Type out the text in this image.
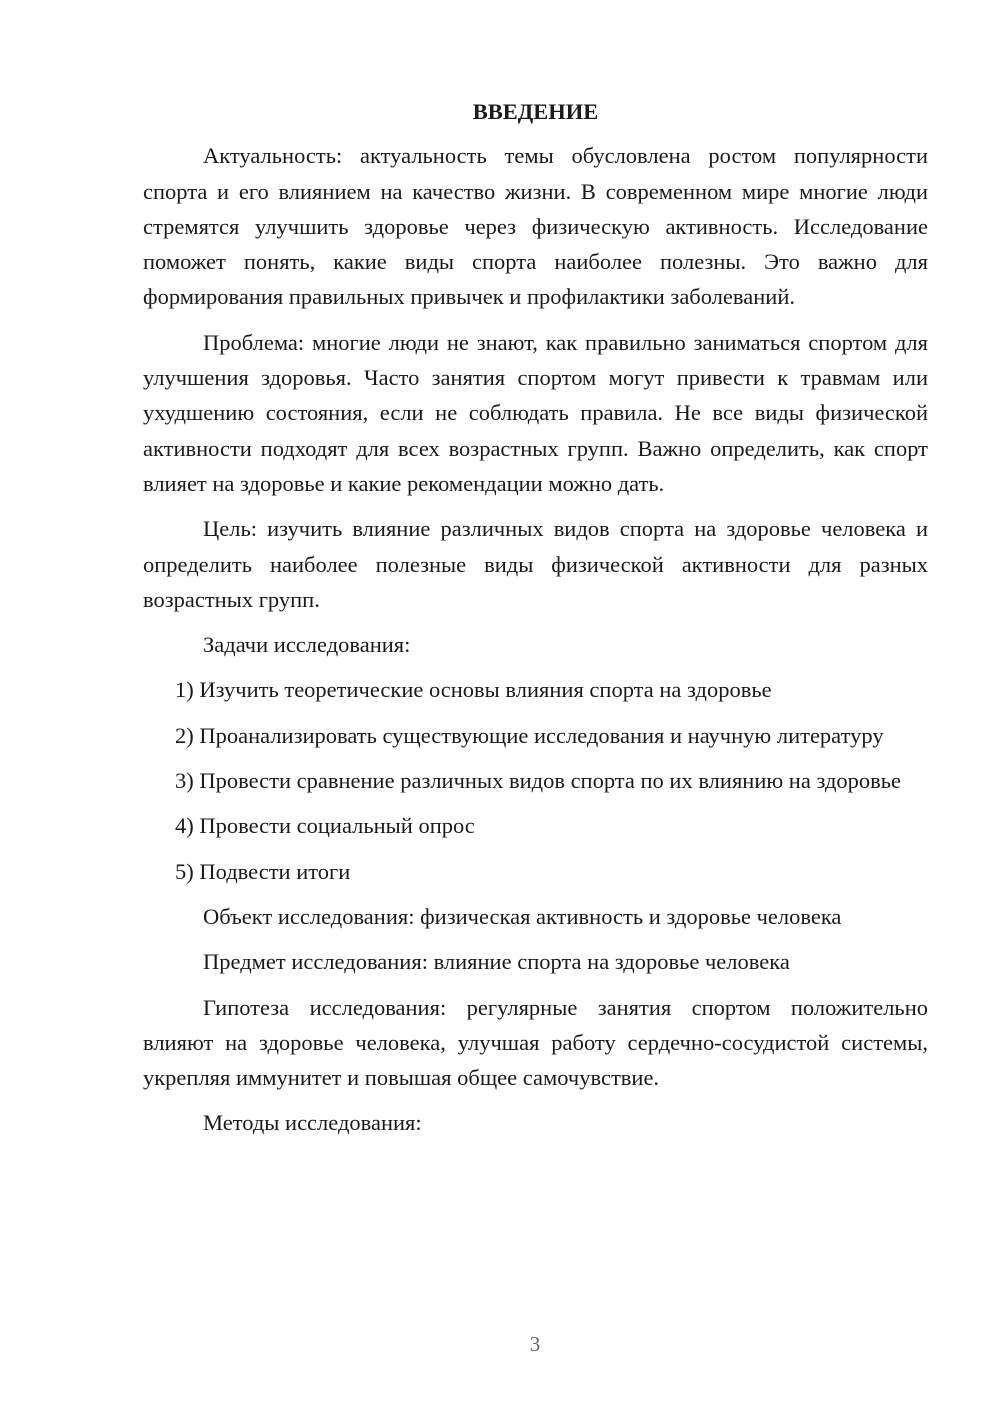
ВВЕДЕНИЕ
Актуальность: актуальность темы обусловлена ростом популярности спорта и его влиянием на качество жизни. В современном мире многие люди стремятся улучшить здоровье через физическую активность. Исследование поможет понять, какие виды спорта наиболее полезны. Это важно для формирования правильных привычек и профилактики заболеваний.
Проблема: многие люди не знают, как правильно заниматься спортом для улучшения здоровья. Часто занятия спортом могут привести к травмам или ухудшению состояния, если не соблюдать правила. Не все виды физической активности подходят для всех возрастных групп. Важно определить, как спорт влияет на здоровье и какие рекомендации можно дать.
Цель: изучить влияние различных видов спорта на здоровье человека и определить наиболее полезные виды физической активности для разных возрастных групп.
Задачи исследования:
1) Изучить теоретические основы влияния спорта на здоровье
2) Проанализировать существующие исследования и научную литературу
3) Провести сравнение различных видов спорта по их влиянию на здоровье
4) Провести социальный опрос
5) Подвести итоги
Объект исследования: физическая активность и здоровье человека
Предмет исследования: влияние спорта на здоровье человека
Гипотеза исследования: регулярные занятия спортом положительно влияют на здоровье человека, улучшая работу сердечно-сосудистой системы, укрепляя иммунитет и повышая общее самочувствие.
Методы исследования:
3
